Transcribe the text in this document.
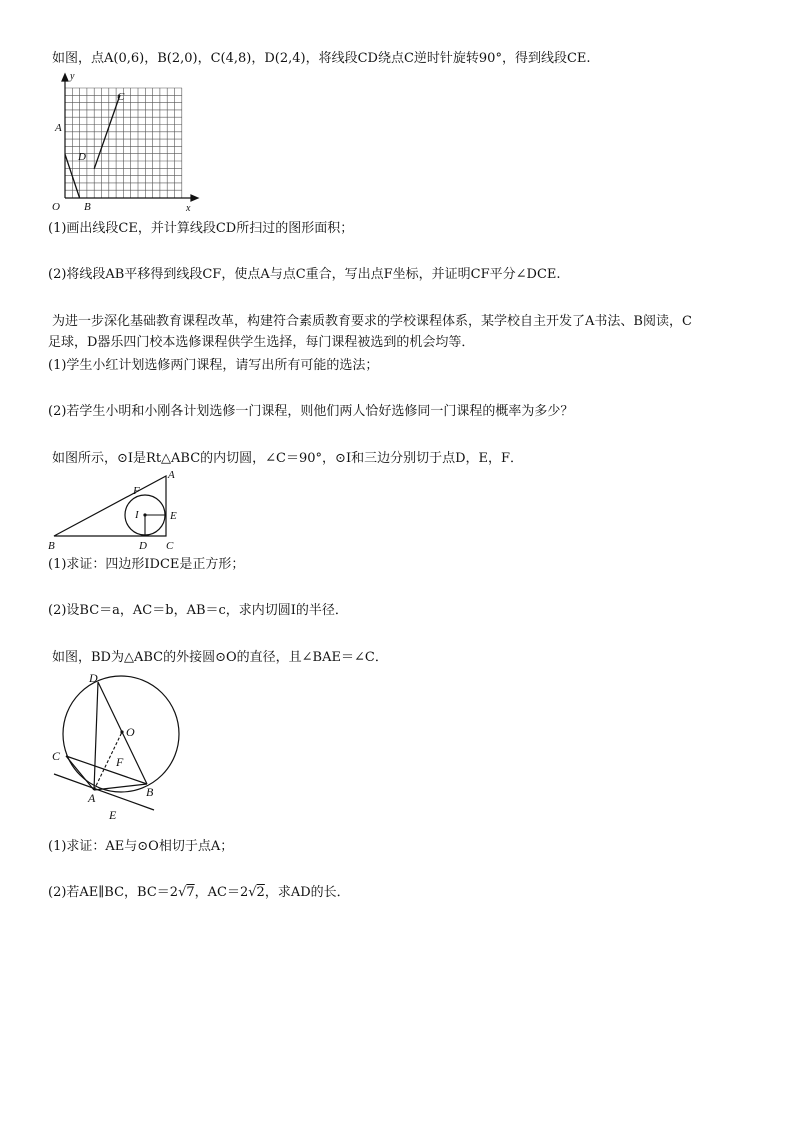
如图，点A(0,6)，B(2,0)，C(4,8)，D(2,4)，将线段CD绕点C逆时针旋转90°，得到线段CE.
y
x
O B
A
C
D
(1)画出线段CE，并计算线段CD所扫过的图形面积；
(2)将线段AB平移得到线段CF，使点A与点C重合，写出点F坐标，并证明CF平分∠DCE.
为进一步深化基础教育课程改革，构建符合素质教育要求的学校课程体系，某学校自主开发了A书法、B阅读，C
足球，D器乐四门校本选修课程供学生选择，每门课程被选到的机会均等．
(1)学生小红计划选修两门课程，请写出所有可能的选法；
(2)若学生小明和小刚各计划选修一门课程，则他们两人恰好选修同一门课程的概率为多少？
如图所示，⊙I是Rt△ABC的内切圆，∠C＝90°，⊙I和三边分别切于点D，E，F．
A
F
I	E
B	D C
(1)求证：四边形IDCE是正方形；
(2)设BC＝a，AC＝b，AB＝c，求内切圆I的半径．
如图，BD为△ABC的外接圆⊙O的直径，且∠BAE＝∠C．
D
O
C	F
A	B
E
(1)求证：AE与⊙O相切于点A；
(2)若AE∥BC，BC＝2√7，AC＝2√2，求AD的长．
